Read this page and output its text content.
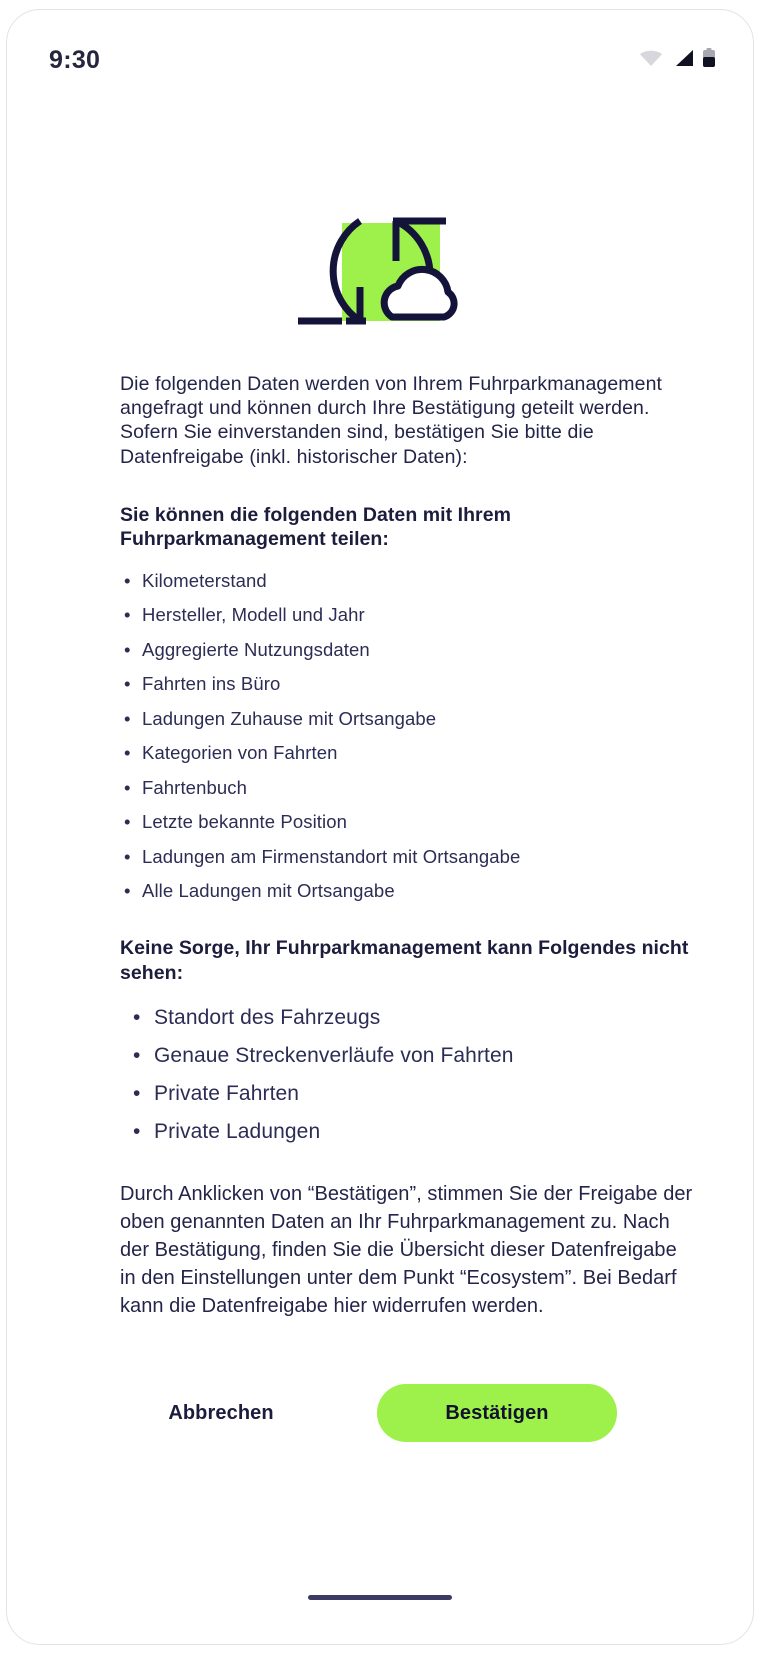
9:30

Die folgenden Daten werden von Ihrem Fuhrparkmanagement angefragt und können durch Ihre Bestätigung geteilt werden. Sofern Sie einverstanden sind, bestätigen Sie bitte die Datenfreigabe (inkl. historischer Daten):

Sie können die folgenden Daten mit Ihrem Fuhrparkmanagement teilen:
• Kilometerstand
• Hersteller, Modell und Jahr
• Aggregierte Nutzungsdaten
• Fahrten ins Büro
• Ladungen Zuhause mit Ortsangabe
• Kategorien von Fahrten
• Fahrtenbuch
• Letzte bekannte Position
• Ladungen am Firmenstandort mit Ortsangabe
• Alle Ladungen mit Ortsangabe
Keine Sorge, Ihr Fuhrparkmanagement kann Folgendes nicht sehen:
• Standort des Fahrzeugs
• Genaue Streckenverläufe von Fahrten
• Private Fahrten
• Private Ladungen

Durch Anklicken von “Bestätigen”, stimmen Sie der Freigabe der oben genannten Daten an Ihr Fuhrparkmanagement zu. Nach der Bestätigung, finden Sie die Übersicht dieser Datenfreigabe in den Einstellungen unter dem Punkt “Ecosystem”. Bei Bedarf kann die Datenfreigabe hier widerrufen werden.

Abbrechen	Bestätigen
